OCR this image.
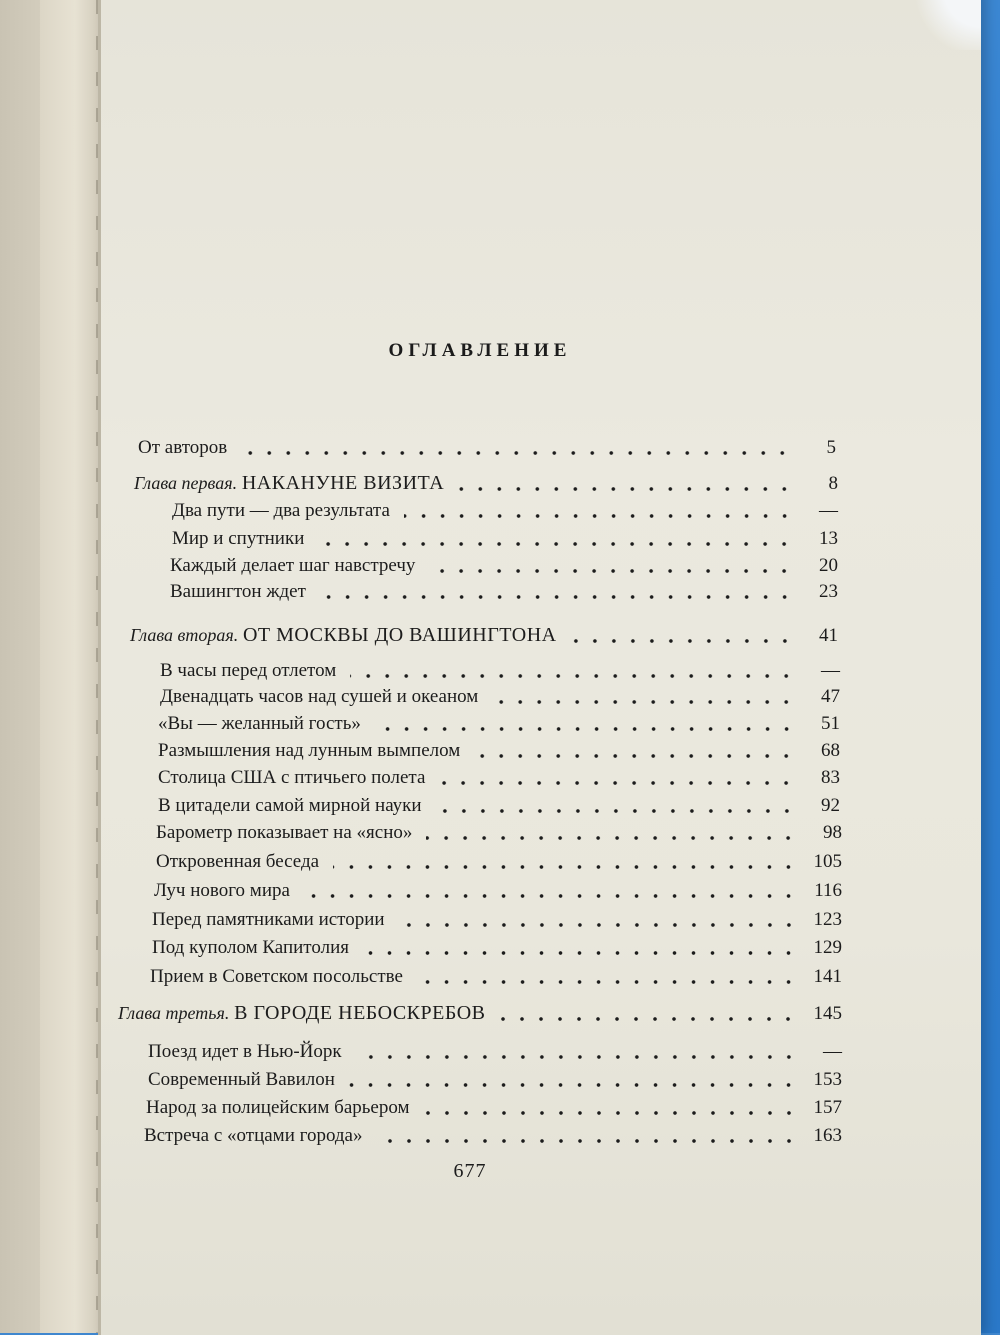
ОГЛАВЛЕНИЕ
От авторов	5
Глава первая. НАКАНУНЕ ВИЗИТА	8
Два пути — два результата	—
Мир и спутники	13
Каждый делает шаг навстречу	20
Вашингтон ждет	23
Глава вторая. ОТ МОСКВЫ ДО ВАШИНГТОНА	41
В часы перед отлетом	—
Двенадцать часов над сушей и океаном	47
«Вы — желанный гость»	51
Размышления над лунным вымпелом	68
Столица США с птичьего полета	83
В цитадели самой мирной науки	92
Барометр показывает на «ясно»	98
Откровенная беседа	105
Луч нового мира	116
Перед памятниками истории	123
Под куполом Капитолия	129
Прием в Советском посольстве	141
Глава третья. В ГОРОДЕ НЕБОСКРЕБОВ	145
Поезд идет в Нью-Йорк	—
Современный Вавилон	153
Народ за полицейским барьером	157
Встреча с «отцами города»	163
677
